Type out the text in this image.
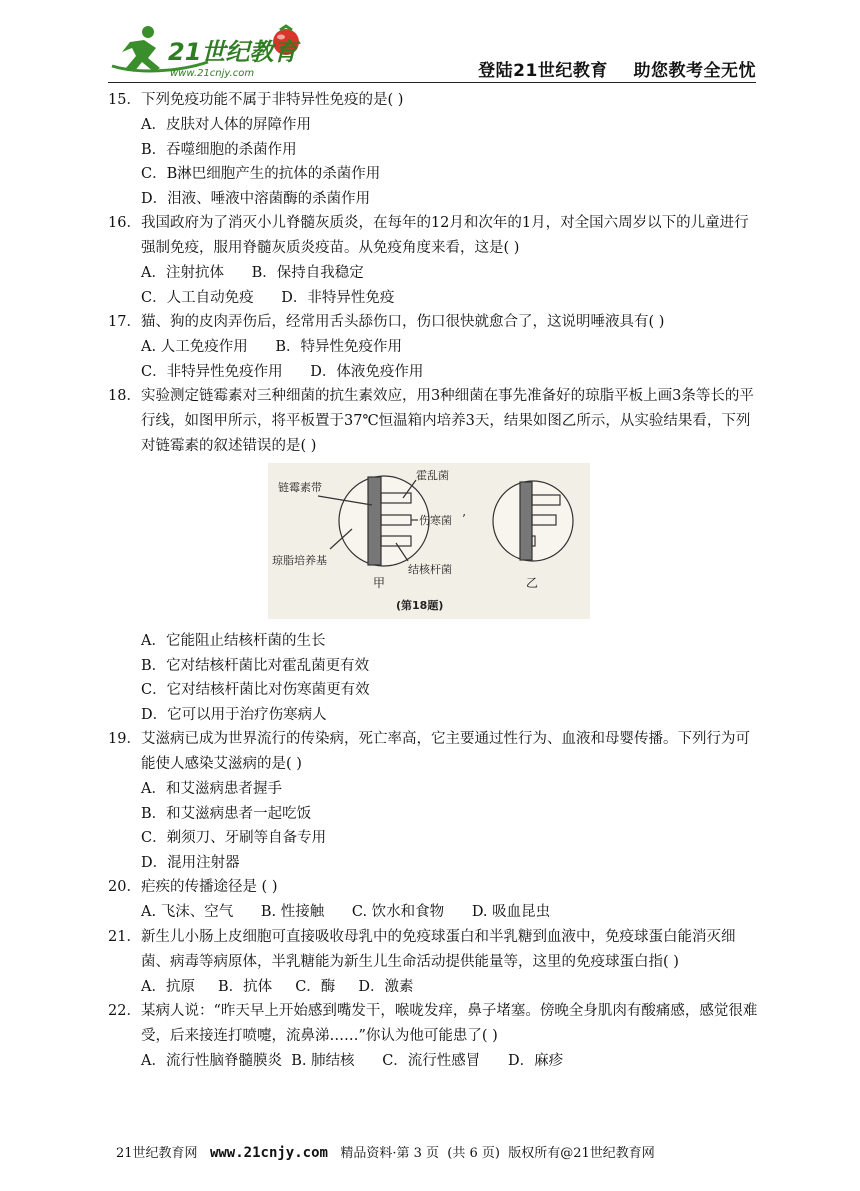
21世纪教育
www.21cnjy.com	登陆21世纪教育    助您教考全无忧
15．下列免疫功能不属于非特异性免疫的是( )
A．皮肤对人体的屏障作用
B．吞噬细胞的杀菌作用
C．B淋巴细胞产生的抗体的杀菌作用
D．泪液、唾液中溶菌酶的杀菌作用
16．我国政府为了消灭小儿脊髓灰质炎，在每年的12月和次年的1月，对全国六周岁以下的儿童进行强制免疫，服用脊髓灰质炎疫苗。从免疫角度来看，这是( )
A．注射抗体      B．保持自我稳定
C．人工自动免疫      D．非特异性免疫
17．猫、狗的皮肉弄伤后，经常用舌头舔伤口，伤口很快就愈合了，这说明唾液具有( )
A. 人工免疫作用      B．特异性免疫作用
C．非特异性免疫作用      D．体液免疫作用
18．实验测定链霉素对三种细菌的抗生素效应，用3种细菌在事先准备好的琼脂平板上画3条等长的平行线，如图甲所示，将平板置于37℃恒温箱内培养3天，结果如图乙所示，从实验结果看，下列对链霉素的叙述错误的是( )
链霉素带
霍乱菌
伤寒菌
琼脂培养基
结核杆菌
甲
’
乙
(第18题)
A．它能阻止结核杆菌的生长
B．它对结核杆菌比对霍乱菌更有效
C．它对结核杆菌比对伤寒菌更有效
D．它可以用于治疗伤寒病人
19．艾滋病已成为世界流行的传染病，死亡率高，它主要通过性行为、血液和母婴传播。下列行为可能使人感染艾滋病的是( )
A．和艾滋病患者握手
B．和艾滋病患者一起吃饭
C．剃须刀、牙刷等自备专用
D．混用注射器
20．疟疾的传播途径是 ( )
A. 飞沫、空气      B. 性接触      C. 饮水和食物      D. 吸血昆虫
21．新生儿小肠上皮细胞可直接吸收母乳中的免疫球蛋白和半乳糖到血液中，免疫球蛋白能消灭细菌、病毒等病原体，半乳糖能为新生儿生命活动提供能量等，这里的免疫球蛋白指( )
A．抗原     B．抗体     C．酶     D．激素
22．某病人说：“昨天早上开始感到嘴发干，喉咙发痒，鼻子堵塞。傍晚全身肌肉有酸痛感，感觉很难受，后来接连打喷嚏，流鼻涕……”你认为他可能患了( )
A．流行性脑脊髓膜炎  B. 肺结核      C．流行性感冒      D．麻疹
21世纪教育网 www.21cnjy.com 精品资料·第 3 页  (共 6 页)  版权所有@21世纪教育网
